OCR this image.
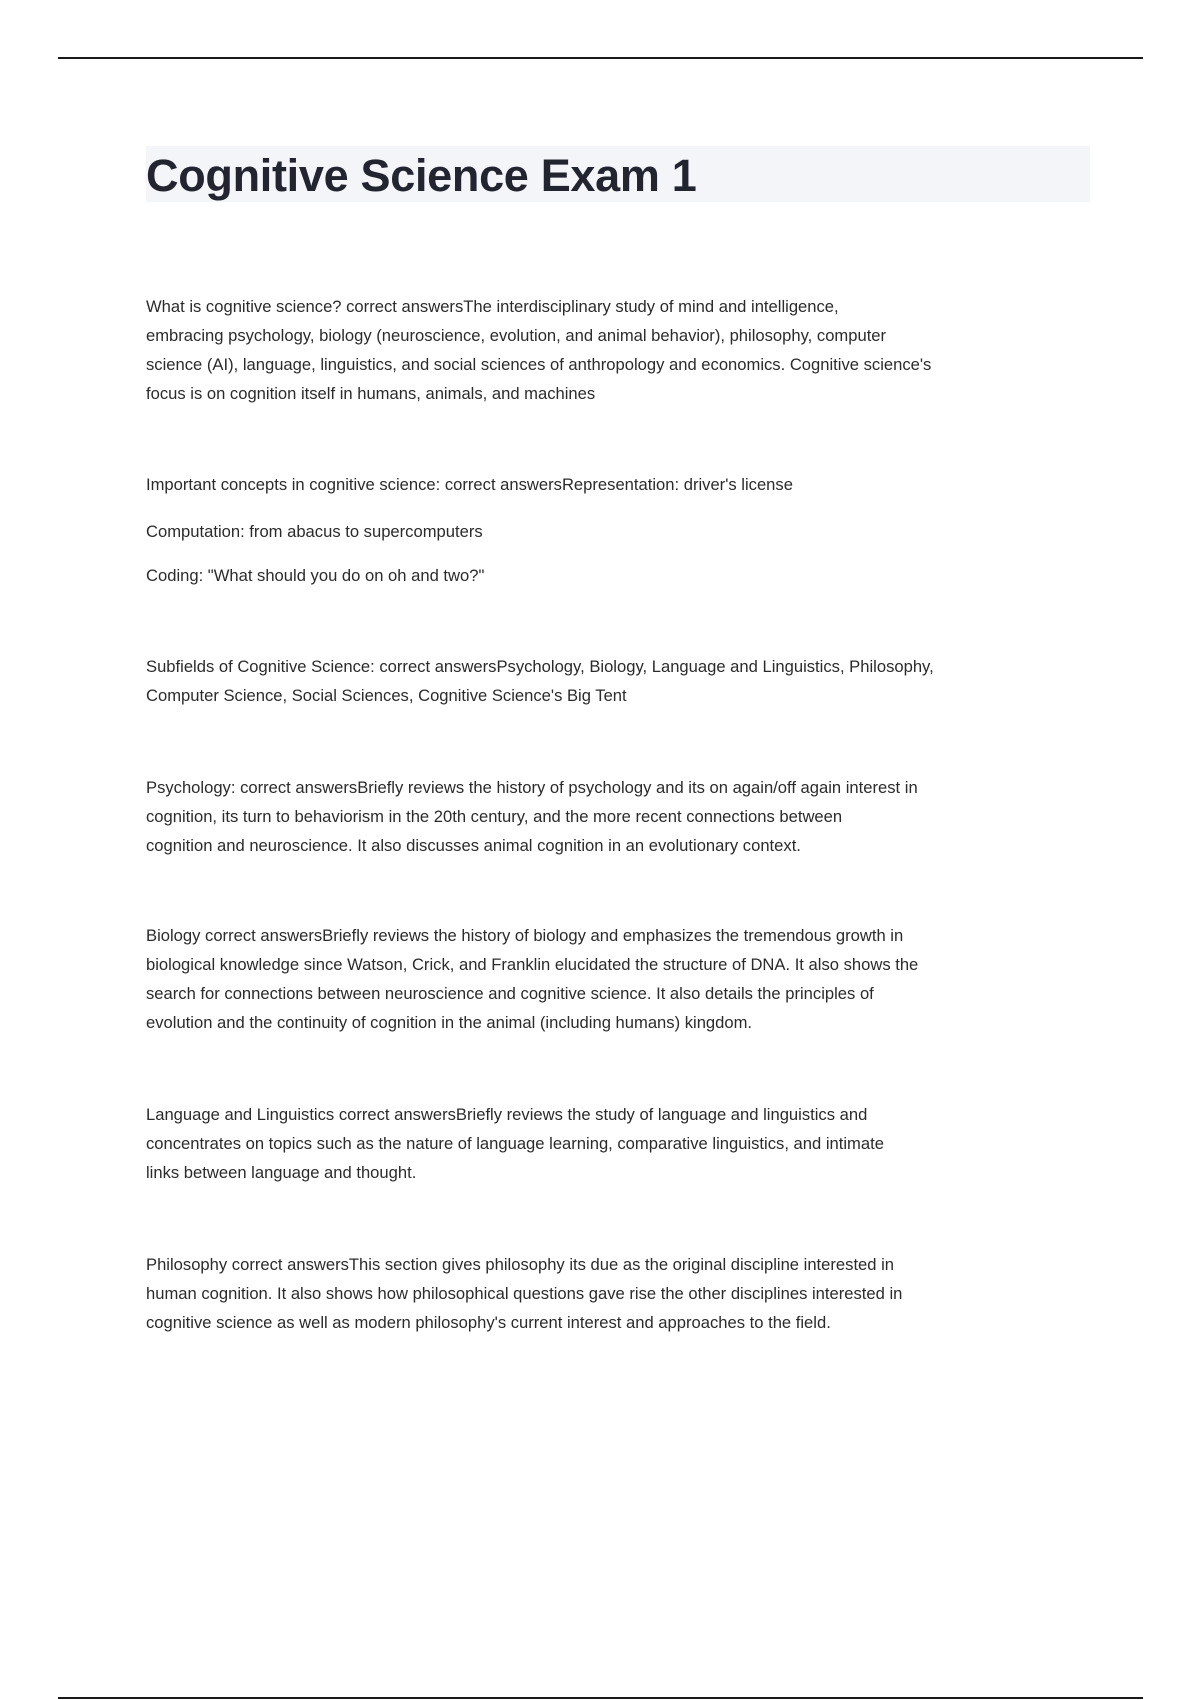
Cognitive Science Exam 1
What is cognitive science? correct answersThe interdisciplinary study of mind and intelligence,
embracing psychology, biology (neuroscience, evolution, and animal behavior), philosophy, computer
science (AI), language, linguistics, and social sciences of anthropology and economics. Cognitive science's
focus is on cognition itself in humans, animals, and machines
Important concepts in cognitive science: correct answersRepresentation: driver's license
Computation: from abacus to supercomputers
Coding: "What should you do on oh and two?"
Subfields of Cognitive Science: correct answersPsychology, Biology, Language and Linguistics, Philosophy,
Computer Science, Social Sciences, Cognitive Science's Big Tent
Psychology: correct answersBriefly reviews the history of psychology and its on again/off again interest in
cognition, its turn to behaviorism in the 20th century, and the more recent connections between
cognition and neuroscience. It also discusses animal cognition in an evolutionary context.
Biology correct answersBriefly reviews the history of biology and emphasizes the tremendous growth in
biological knowledge since Watson, Crick, and Franklin elucidated the structure of DNA. It also shows the
search for connections between neuroscience and cognitive science. It also details the principles of
evolution and the continuity of cognition in the animal (including humans) kingdom.
Language and Linguistics correct answersBriefly reviews the study of language and linguistics and
concentrates on topics such as the nature of language learning, comparative linguistics, and intimate
links between language and thought.
Philosophy correct answersThis section gives philosophy its due as the original discipline interested in
human cognition. It also shows how philosophical questions gave rise the other disciplines interested in
cognitive science as well as modern philosophy's current interest and approaches to the field.
